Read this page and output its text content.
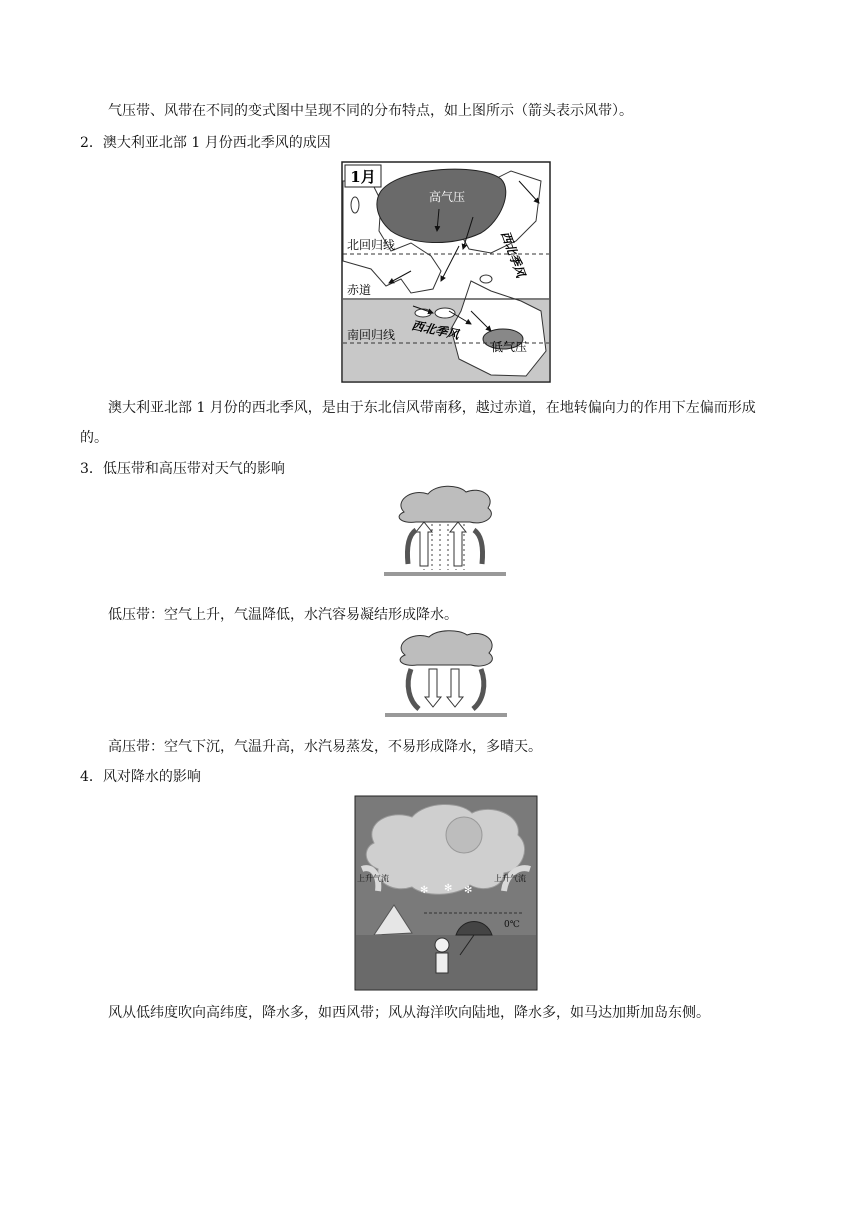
气压带、风带在不同的变式图中呈现不同的分布特点，如上图所示（箭头表示风带）。
2．澳大利亚北部 1 月份西北季风的成因
1月
高气压
北回归线
赤道
南回归线 西北季风
西北季风
低气压
澳大利亚北部 1 月份的西北季风，是由于东北信风带南移，越过赤道，在地转偏向力的作用下左偏而形成的。
3．低压带和高压带对天气的影响
低压带：空气上升，气温降低，水汽容易凝结形成降水。
高压带：空气下沉，气温升高，水汽易蒸发，不易形成降水，多晴天。
4．风对降水的影响
上升气流	上升气流
✻ ✻ ✻
0℃
风从低纬度吹向高纬度，降水多，如西风带；风从海洋吹向陆地，降水多，如马达加斯加岛东侧。
